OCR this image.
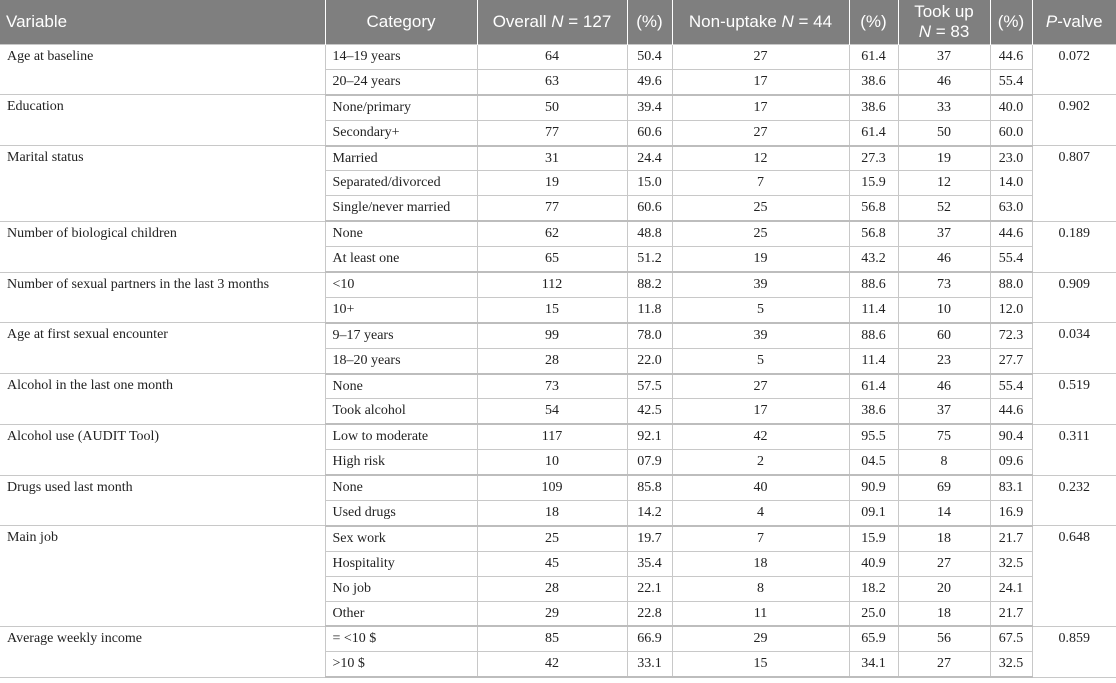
Variable	Category	Overall N = 127	(%)	Non-uptake N = 44	(%)	Took up
N = 83	(%)	P-valve
Age at baseline	14–19 years	64	50.4	27	61.4	37	44.6	0.072
	20–24 years	63	49.6	17	38.6	46	55.4	
Education	None/primary	50	39.4	17	38.6	33	40.0	0.902
	Secondary+	77	60.6	27	61.4	50	60.0	
Marital status	Married	31	24.4	12	27.3	19	23.0	0.807
	Separated/divorced	19	15.0	7	15.9	12	14.0	
	Single/never married	77	60.6	25	56.8	52	63.0	
Number of biological children	None	62	48.8	25	56.8	37	44.6	0.189
	At least one	65	51.2	19	43.2	46	55.4	
Number of sexual partners in the last 3 months	<10	112	88.2	39	88.6	73	88.0	0.909
	10+	15	11.8	5	11.4	10	12.0	
Age at first sexual encounter	9–17 years	99	78.0	39	88.6	60	72.3	0.034
	18–20 years	28	22.0	5	11.4	23	27.7	
Alcohol in the last one month	None	73	57.5	27	61.4	46	55.4	0.519
	Took alcohol	54	42.5	17	38.6	37	44.6	
Alcohol use (AUDIT Tool)	Low to moderate	117	92.1	42	95.5	75	90.4	0.311
	High risk	10	07.9	2	04.5	8	09.6	
Drugs used last month	None	109	85.8	40	90.9	69	83.1	0.232
	Used drugs	18	14.2	4	09.1	14	16.9	
Main job	Sex work	25	19.7	7	15.9	18	21.7	0.648
	Hospitality	45	35.4	18	40.9	27	32.5	
	No job	28	22.1	8	18.2	20	24.1	
	Other	29	22.8	11	25.0	18	21.7	
Average weekly income	= <10 $	85	66.9	29	65.9	56	67.5	0.859
	>10 $	42	33.1	15	34.1	27	32.5	
